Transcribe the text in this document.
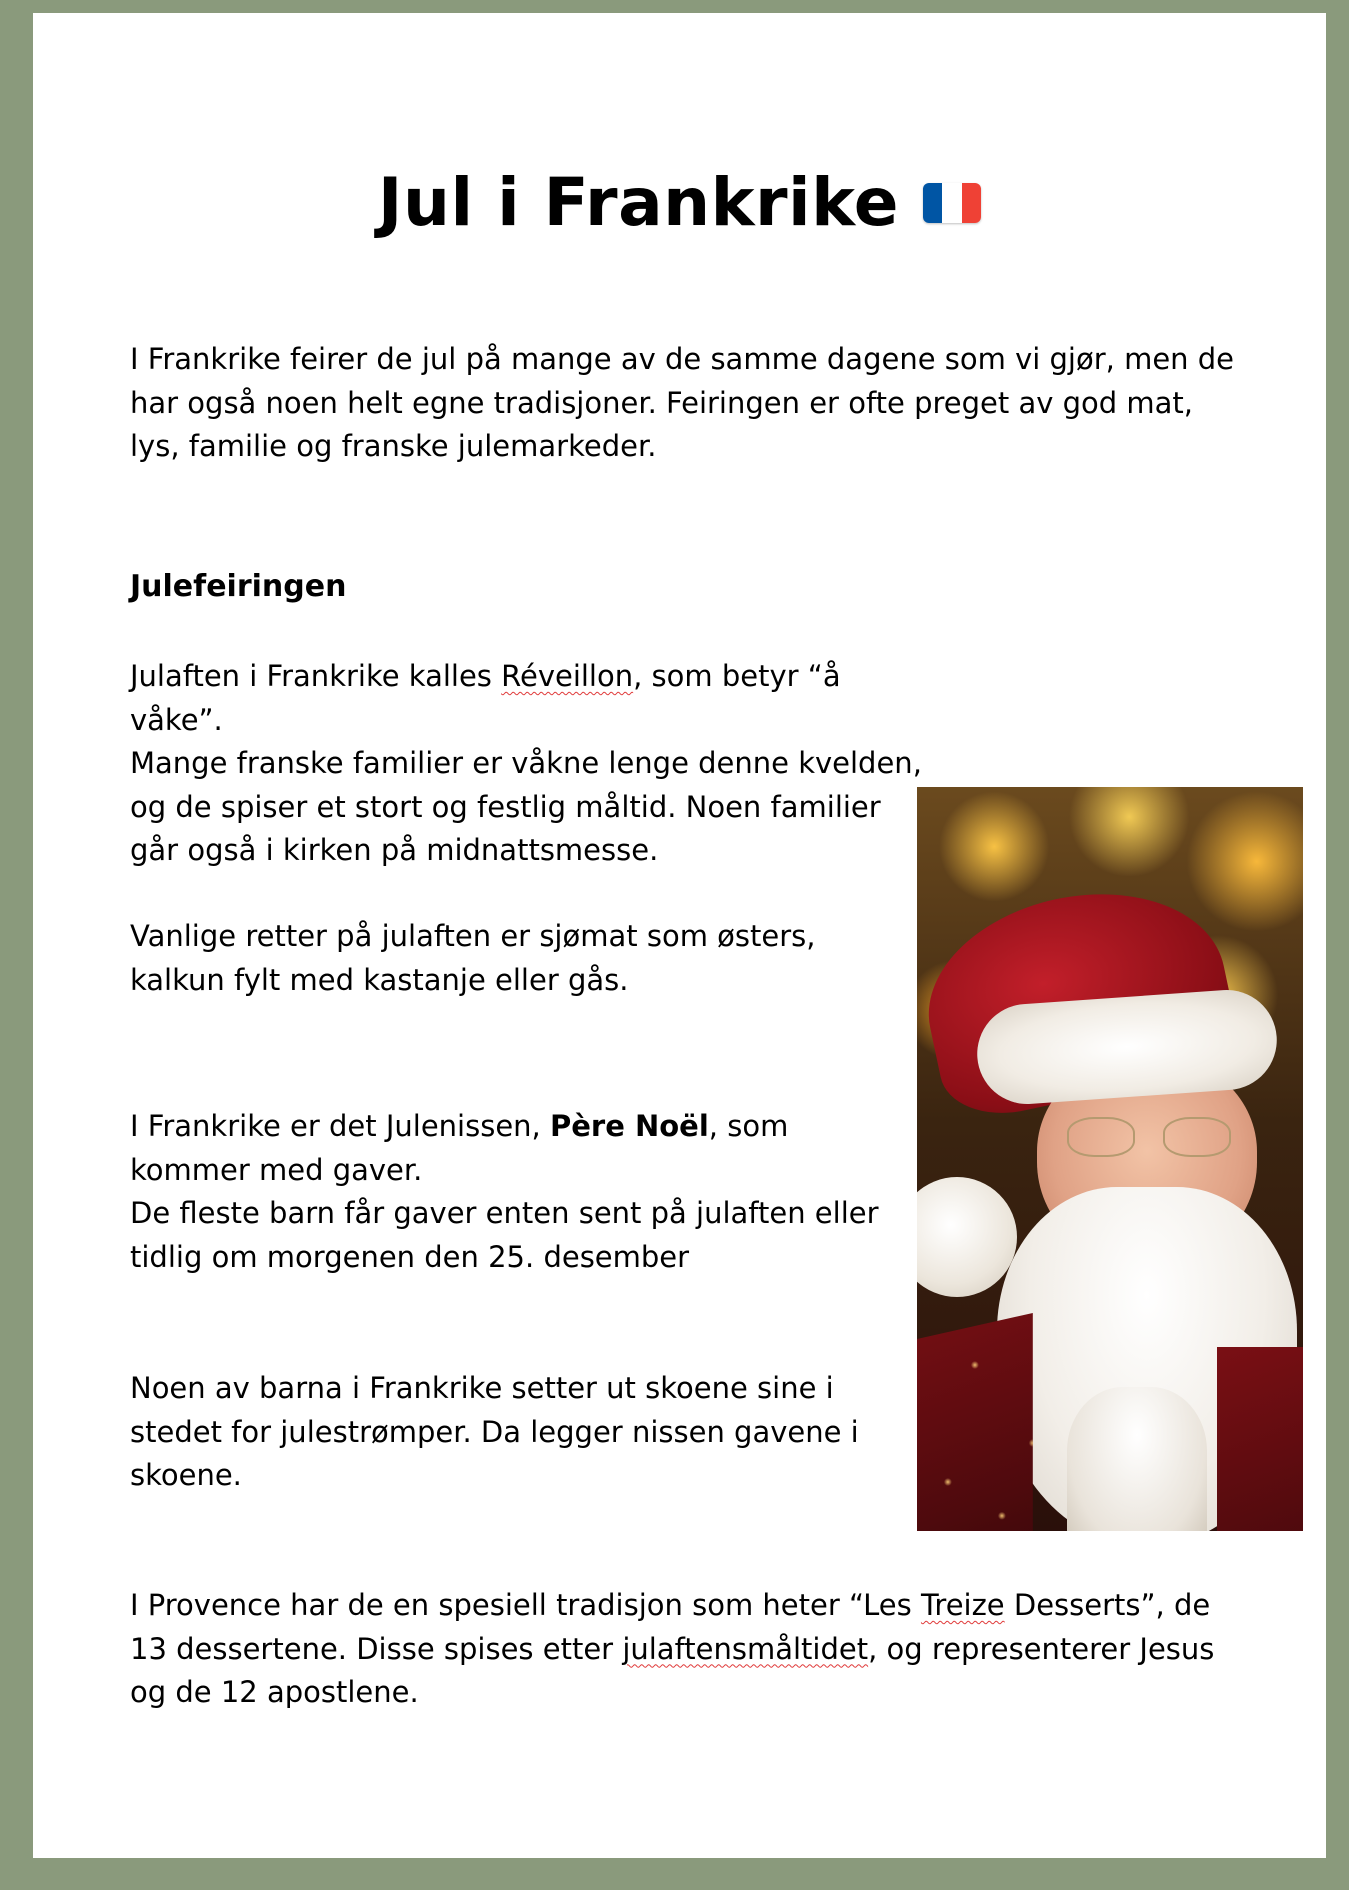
Jul i Frankrike

I Frankrike feirer de jul på mange av de samme dagene som vi gjør, men de har også noen helt egne tradisjoner. Feiringen er ofte preget av god mat, lys, familie og franske julemarkeder.

Julefeiringen

Julaften i Frankrike kalles Réveillon, som betyr “å våke”.
Mange franske familier er våkne lenge denne kvelden, og de spiser et stort og festlig måltid. Noen familier går også i kirken på midnattsmesse.

Vanlige retter på julaften er sjømat som østers, kalkun fylt med kastanje eller gås.

I Frankrike er det Julenissen, Père Noël, som kommer med gaver.
De fleste barn får gaver enten sent på julaften eller tidlig om morgenen den 25. desember

Noen av barna i Frankrike setter ut skoene sine i stedet for julestrømper. Da legger nissen gavene i skoene.

I Provence har de en spesiell tradisjon som heter “Les Treize Desserts”, de 13 dessertene. Disse spises etter julaftensmåltidet, og representerer Jesus og de 12 apostlene.
